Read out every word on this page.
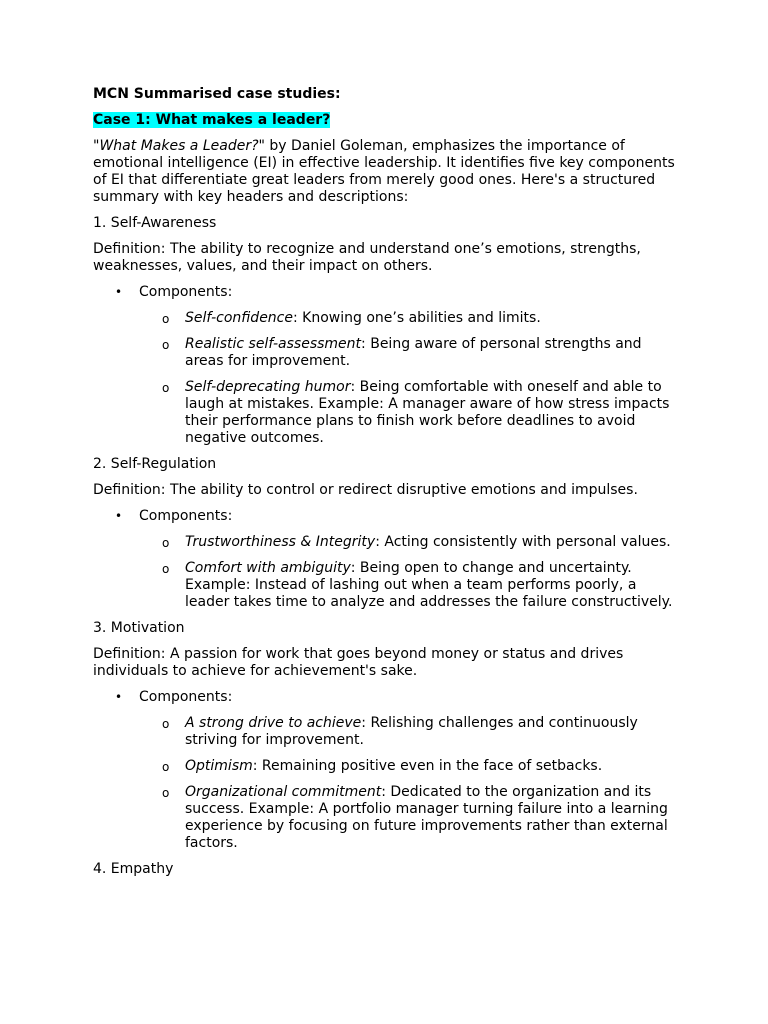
MCN Summarised case studies:

Case 1: What makes a leader?

"What Makes a Leader?" by Daniel Goleman, emphasizes the importance of emotional intelligence (EI) in effective leadership. It identifies five key components of EI that differentiate great leaders from merely good ones. Here's a structured summary with key headers and descriptions:

1. Self-Awareness

Definition: The ability to recognize and understand one’s emotions, strengths, weaknesses, values, and their impact on others.

• Components:
o Self-confidence: Knowing one’s abilities and limits.
o Realistic self-assessment: Being aware of personal strengths and areas for improvement.
o Self-deprecating humor: Being comfortable with oneself and able to laugh at mistakes. Example: A manager aware of how stress impacts their performance plans to finish work before deadlines to avoid negative outcomes.

2. Self-Regulation

Definition: The ability to control or redirect disruptive emotions and impulses.

• Components:
o Trustworthiness & Integrity: Acting consistently with personal values.
o Comfort with ambiguity: Being open to change and uncertainty. Example: Instead of lashing out when a team performs poorly, a leader takes time to analyze and addresses the failure constructively.

3. Motivation

Definition: A passion for work that goes beyond money or status and drives individuals to achieve for achievement's sake.

• Components:
o A strong drive to achieve: Relishing challenges and continuously striving for improvement.
o Optimism: Remaining positive even in the face of setbacks.
o Organizational commitment: Dedicated to the organization and its success. Example: A portfolio manager turning failure into a learning experience by focusing on future improvements rather than external factors.

4. Empathy
